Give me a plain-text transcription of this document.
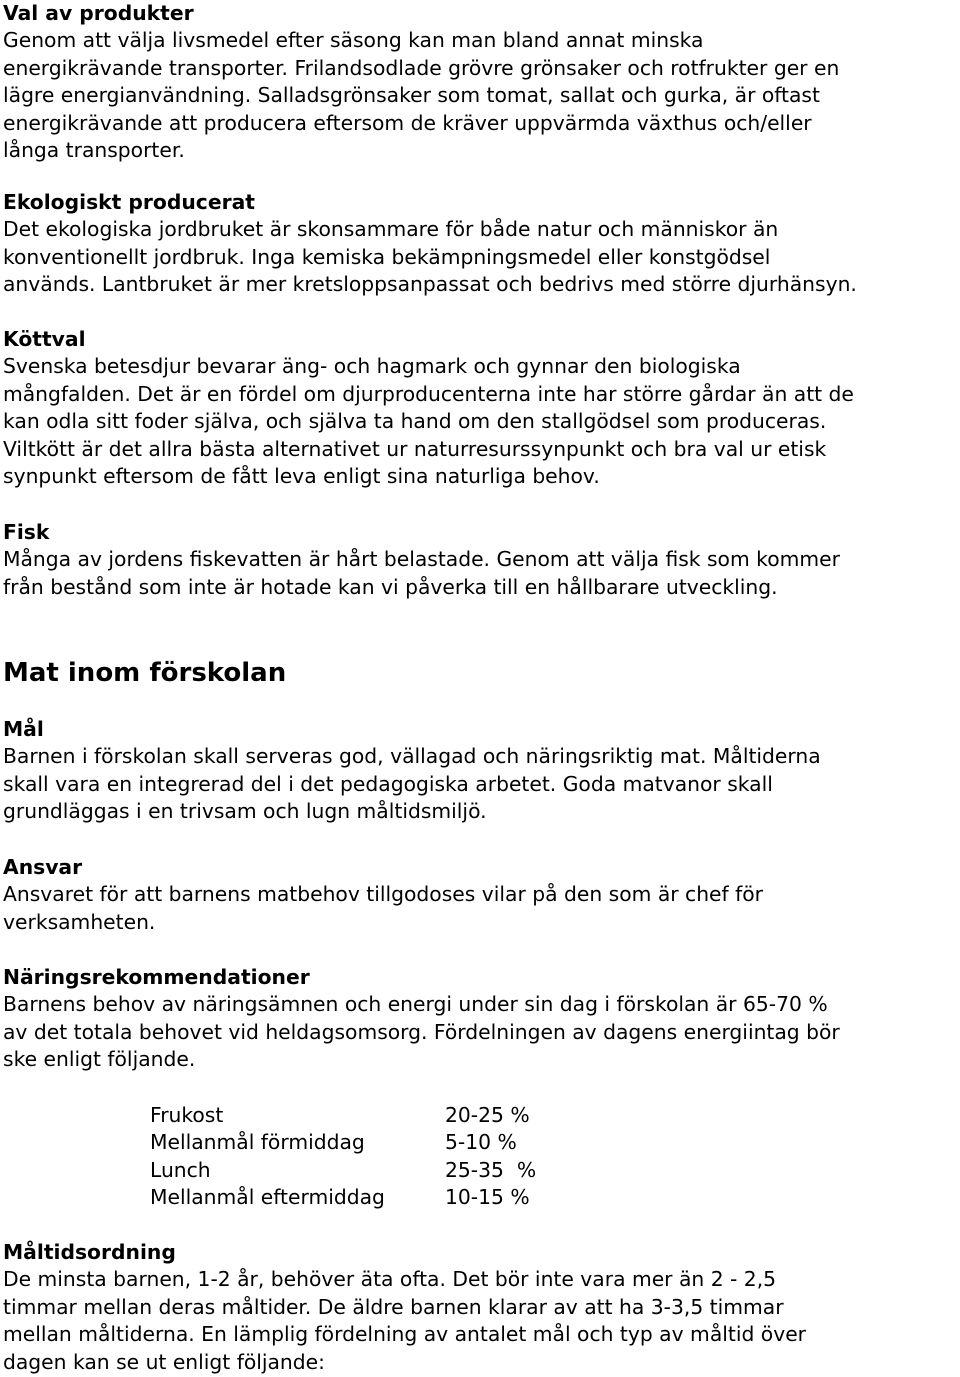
Val av produkter
Genom att välja livsmedel efter säsong kan man bland annat minska
energikrävande transporter. Frilandsodlade grövre grönsaker och rotfrukter ger en
lägre energianvändning. Salladsgrönsaker som tomat, sallat och gurka, är oftast
energikrävande att producera eftersom de kräver uppvärmda växthus och/eller
långa transporter.
Ekologiskt producerat
Det ekologiska jordbruket är skonsammare för både natur och människor än
konventionellt jordbruk. Inga kemiska bekämpningsmedel eller konstgödsel
används. Lantbruket är mer kretsloppsanpassat och bedrivs med större djurhänsyn.
Köttval
Svenska betesdjur bevarar äng- och hagmark och gynnar den biologiska
mångfalden. Det är en fördel om djurproducenterna inte har större gårdar än att de
kan odla sitt foder själva, och själva ta hand om den stallgödsel som produceras.
Viltkött är det allra bästa alternativet ur naturresurssynpunkt och bra val ur etisk
synpunkt eftersom de fått leva enligt sina naturliga behov.
Fisk
Många av jordens fiskevatten är hårt belastade. Genom att välja fisk som kommer
från bestånd som inte är hotade kan vi påverka till en hållbarare utveckling.
Mat inom förskolan
Mål
Barnen i förskolan skall serveras god, vällagad och näringsriktig mat. Måltiderna
skall vara en integrerad del i det pedagogiska arbetet. Goda matvanor skall
grundläggas i en trivsam och lugn måltidsmiljö.
Ansvar
Ansvaret för att barnens matbehov tillgodoses vilar på den som är chef för
verksamheten.
Näringsrekommendationer
Barnens behov av näringsämnen och energi under sin dag i förskolan är 65-70 %
av det totala behovet vid heldagsomsorg. Fördelningen av dagens energiintag bör
ske enligt följande.
Frukost	20-25 %
Mellanmål förmiddag	5-10 %
Lunch	25-35  %
Mellanmål eftermiddag	10-15 %
Måltidsordning
De minsta barnen, 1-2 år, behöver äta ofta. Det bör inte vara mer än 2 - 2,5
timmar mellan deras måltider. De äldre barnen klarar av att ha 3-3,5 timmar
mellan måltiderna. En lämplig fördelning av antalet mål och typ av måltid över
dagen kan se ut enligt följande:
